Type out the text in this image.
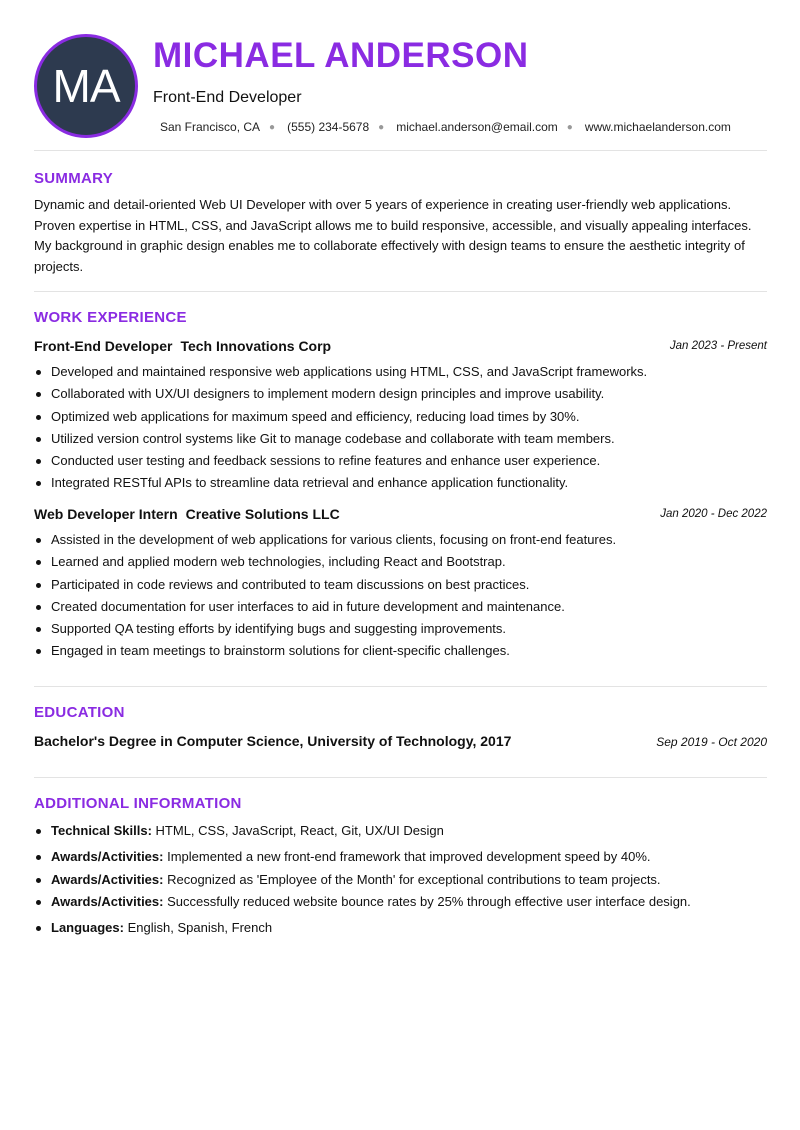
MA
MICHAEL ANDERSON
Front-End Developer
San Francisco, CA ● (555) 234-5678 ● michael.anderson@email.com ● www.michaelanderson.com
SUMMARY
Dynamic and detail-oriented Web UI Developer with over 5 years of experience in creating user-friendly web applications. Proven expertise in HTML, CSS, and JavaScript allows me to build responsive, accessible, and visually appealing interfaces. My background in graphic design enables me to collaborate effectively with design teams to ensure the aesthetic integrity of projects.
WORK EXPERIENCE
Front-End Developer Tech Innovations Corp	Jan 2023 - Present
Developed and maintained responsive web applications using HTML, CSS, and JavaScript frameworks.
Collaborated with UX/UI designers to implement modern design principles and improve usability.
Optimized web applications for maximum speed and efficiency, reducing load times by 30%.
Utilized version control systems like Git to manage codebase and collaborate with team members.
Conducted user testing and feedback sessions to refine features and enhance user experience.
Integrated RESTful APIs to streamline data retrieval and enhance application functionality.
Web Developer Intern Creative Solutions LLC	Jan 2020 - Dec 2022
Assisted in the development of web applications for various clients, focusing on front-end features.
Learned and applied modern web technologies, including React and Bootstrap.
Participated in code reviews and contributed to team discussions on best practices.
Created documentation for user interfaces to aid in future development and maintenance.
Supported QA testing efforts by identifying bugs and suggesting improvements.
Engaged in team meetings to brainstorm solutions for client-specific challenges.
EDUCATION
Bachelor's Degree in Computer Science, University of Technology, 2017	Sep 2019 - Oct 2020
ADDITIONAL INFORMATION
Technical Skills: HTML, CSS, JavaScript, React, Git, UX/UI Design
Awards/Activities: Implemented a new front-end framework that improved development speed by 40%.
Awards/Activities: Recognized as 'Employee of the Month' for exceptional contributions to team projects.
Awards/Activities: Successfully reduced website bounce rates by 25% through effective user interface design.
Languages: English, Spanish, French
